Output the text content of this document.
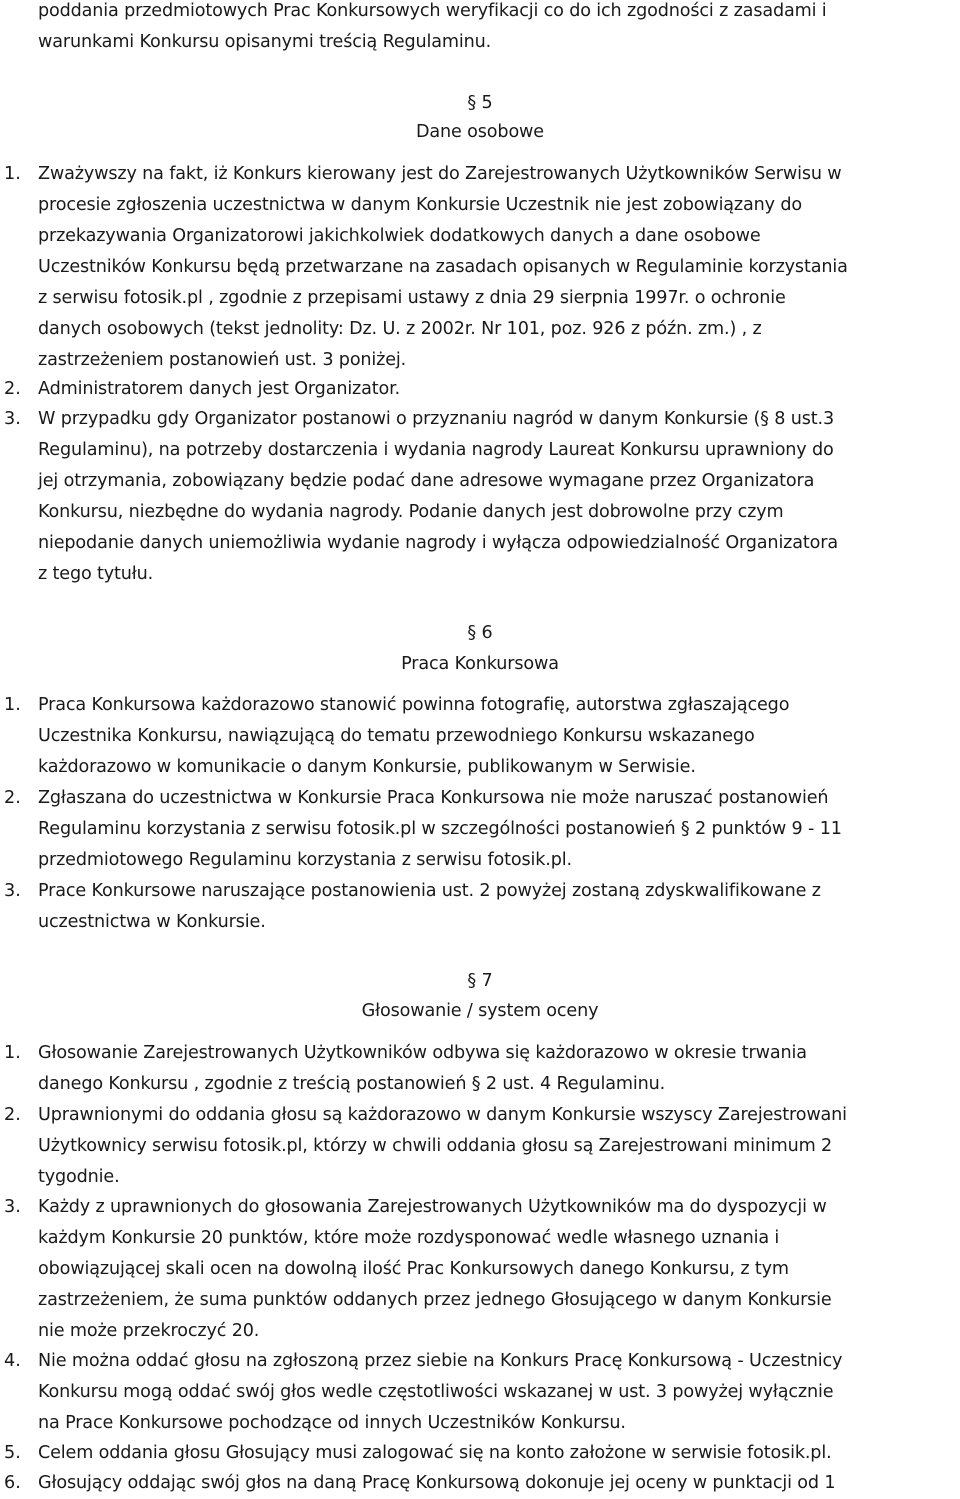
poddania przedmiotowych Prac Konkursowych weryfikacji co do ich zgodności z zasadami i
warunkami Konkursu opisanymi treścią Regulaminu.
§ 5
Dane osobowe
1. Zważywszy na fakt, iż Konkurs kierowany jest do Zarejestrowanych Użytkowników Serwisu w
procesie zgłoszenia uczestnictwa w danym Konkursie Uczestnik nie jest zobowiązany do
przekazywania Organizatorowi jakichkolwiek dodatkowych danych a dane osobowe
Uczestników Konkursu będą przetwarzane na zasadach opisanych w Regulaminie korzystania
z serwisu fotosik.pl , zgodnie z przepisami ustawy z dnia 29 sierpnia 1997r. o ochronie
danych osobowych (tekst jednolity: Dz. U. z 2002r. Nr 101, poz. 926 z późn. zm.) , z
zastrzeżeniem postanowień ust. 3 poniżej.
2. Administratorem danych jest Organizator.
3. W przypadku gdy Organizator postanowi o przyznaniu nagród w danym Konkursie (§ 8 ust.3
Regulaminu), na potrzeby dostarczenia i wydania nagrody Laureat Konkursu uprawniony do
jej otrzymania, zobowiązany będzie podać dane adresowe wymagane przez Organizatora
Konkursu, niezbędne do wydania nagrody. Podanie danych jest dobrowolne przy czym
niepodanie danych uniemożliwia wydanie nagrody i wyłącza odpowiedzialność Organizatora
z tego tytułu.
§ 6
Praca Konkursowa
1. Praca Konkursowa każdorazowo stanowić powinna fotografię, autorstwa zgłaszającego
Uczestnika Konkursu, nawiązującą do tematu przewodniego Konkursu wskazanego
każdorazowo w komunikacie o danym Konkursie, publikowanym w Serwisie.
2. Zgłaszana do uczestnictwa w Konkursie Praca Konkursowa nie może naruszać postanowień
Regulaminu korzystania z serwisu fotosik.pl w szczególności postanowień § 2 punktów 9 - 11
przedmiotowego Regulaminu korzystania z serwisu fotosik.pl.
3. Prace Konkursowe naruszające postanowienia ust. 2 powyżej zostaną zdyskwalifikowane z
uczestnictwa w Konkursie.
§ 7
Głosowanie / system oceny
1. Głosowanie Zarejestrowanych Użytkowników odbywa się każdorazowo w okresie trwania
danego Konkursu , zgodnie z treścią postanowień § 2 ust. 4 Regulaminu.
2. Uprawnionymi do oddania głosu są każdorazowo w danym Konkursie wszyscy Zarejestrowani
Użytkownicy serwisu fotosik.pl, którzy w chwili oddania głosu są Zarejestrowani minimum 2
tygodnie.
3. Każdy z uprawnionych do głosowania Zarejestrowanych Użytkowników ma do dyspozycji w
każdym Konkursie 20 punktów, które może rozdysponować wedle własnego uznania i
obowiązującej skali ocen na dowolną ilość Prac Konkursowych danego Konkursu, z tym
zastrzeżeniem, że suma punktów oddanych przez jednego Głosującego w danym Konkursie
nie może przekroczyć 20.
4. Nie można oddać głosu na zgłoszoną przez siebie na Konkurs Pracę Konkursową - Uczestnicy
Konkursu mogą oddać swój głos wedle częstotliwości wskazanej w ust. 3 powyżej wyłącznie
na Prace Konkursowe pochodzące od innych Uczestników Konkursu.
5. Celem oddania głosu Głosujący musi zalogować się na konto założone w serwisie fotosik.pl.
6. Głosujący oddając swój głos na daną Pracę Konkursową dokonuje jej oceny w punktacji od 1
